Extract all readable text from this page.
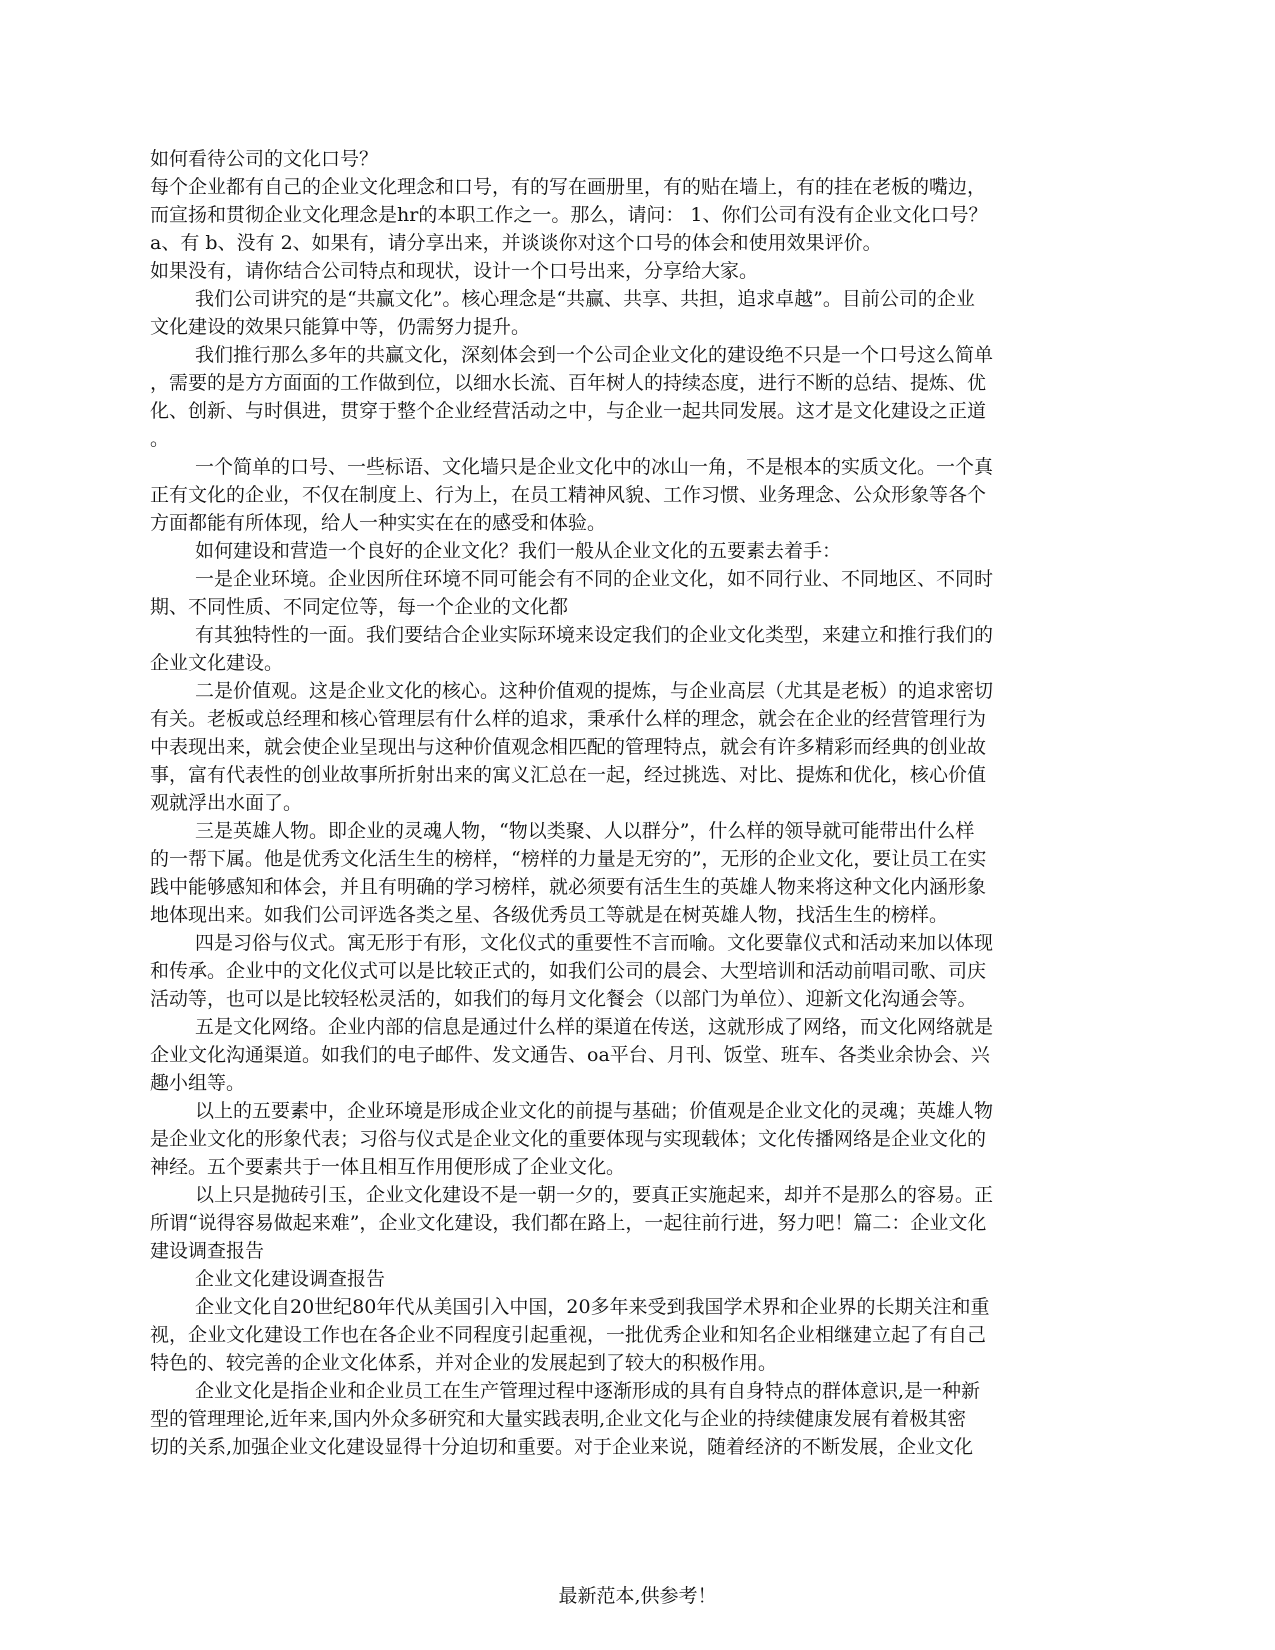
如何看待公司的文化口号？
每个企业都有自己的企业文化理念和口号，有的写在画册里，有的贴在墙上，有的挂在老板的嘴边，
而宣扬和贯彻企业文化理念是hr的本职工作之一。那么，请问： 1、你们公司有没有企业文化口号？
a、有 b、没有 2、如果有，请分享出来，并谈谈你对这个口号的体会和使用效果评价。
如果没有，请你结合公司特点和现状，设计一个口号出来，分享给大家。
我们公司讲究的是“共赢文化”。核心理念是“共赢、共享、共担，追求卓越”。目前公司的企业
文化建设的效果只能算中等，仍需努力提升。
我们推行那么多年的共赢文化，深刻体会到一个公司企业文化的建设绝不只是一个口号这么简单
，需要的是方方面面的工作做到位，以细水长流、百年树人的持续态度，进行不断的总结、提炼、优
化、创新、与时俱进，贯穿于整个企业经营活动之中，与企业一起共同发展。这才是文化建设之正道
。
一个简单的口号、一些标语、文化墙只是企业文化中的冰山一角，不是根本的实质文化。一个真
正有文化的企业，不仅在制度上、行为上，在员工精神风貌、工作习惯、业务理念、公众形象等各个
方面都能有所体现，给人一种实实在在的感受和体验。
如何建设和营造一个良好的企业文化？我们一般从企业文化的五要素去着手：
一是企业环境。企业因所住环境不同可能会有不同的企业文化，如不同行业、不同地区、不同时
期、不同性质、不同定位等，每一个企业的文化都
有其独特性的一面。我们要结合企业实际环境来设定我们的企业文化类型，来建立和推行我们的
企业文化建设。
二是价值观。这是企业文化的核心。这种价值观的提炼，与企业高层（尤其是老板）的追求密切
有关。老板或总经理和核心管理层有什么样的追求，秉承什么样的理念，就会在企业的经营管理行为
中表现出来，就会使企业呈现出与这种价值观念相匹配的管理特点，就会有许多精彩而经典的创业故
事，富有代表性的创业故事所折射出来的寓义汇总在一起，经过挑选、对比、提炼和优化，核心价值
观就浮出水面了。
三是英雄人物。即企业的灵魂人物，“物以类聚、人以群分”，什么样的领导就可能带出什么样
的一帮下属。他是优秀文化活生生的榜样，“榜样的力量是无穷的”，无形的企业文化，要让员工在实
践中能够感知和体会，并且有明确的学习榜样，就必须要有活生生的英雄人物来将这种文化内涵形象
地体现出来。如我们公司评选各类之星、各级优秀员工等就是在树英雄人物，找活生生的榜样。
四是习俗与仪式。寓无形于有形，文化仪式的重要性不言而喻。文化要靠仪式和活动来加以体现
和传承。企业中的文化仪式可以是比较正式的，如我们公司的晨会、大型培训和活动前唱司歌、司庆
活动等，也可以是比较轻松灵活的，如我们的每月文化餐会（以部门为单位）、迎新文化沟通会等。
五是文化网络。企业内部的信息是通过什么样的渠道在传送，这就形成了网络，而文化网络就是
企业文化沟通渠道。如我们的电子邮件、发文通告、oa平台、月刊、饭堂、班车、各类业余协会、兴
趣小组等。
以上的五要素中，企业环境是形成企业文化的前提与基础；价值观是企业文化的灵魂；英雄人物
是企业文化的形象代表；习俗与仪式是企业文化的重要体现与实现载体；文化传播网络是企业文化的
神经。五个要素共于一体且相互作用便形成了企业文化。
以上只是抛砖引玉，企业文化建设不是一朝一夕的，要真正实施起来，却并不是那么的容易。正
所谓“说得容易做起来难”，企业文化建设，我们都在路上，一起往前行进，努力吧！篇二：企业文化
建设调查报告
企业文化建设调查报告
企业文化自20世纪80年代从美国引入中国，20多年来受到我国学术界和企业界的长期关注和重
视，企业文化建设工作也在各企业不同程度引起重视，一批优秀企业和知名企业相继建立起了有自己
特色的、较完善的企业文化体系，并对企业的发展起到了较大的积极作用。
企业文化是指企业和企业员工在生产管理过程中逐渐形成的具有自身特点的群体意识,是一种新
型的管理理论,近年来,国内外众多研究和大量实践表明,企业文化与企业的持续健康发展有着极其密
切的关系,加强企业文化建设显得十分迫切和重要。对于企业来说，随着经济的不断发展，企业文化
最新范本,供参考！
